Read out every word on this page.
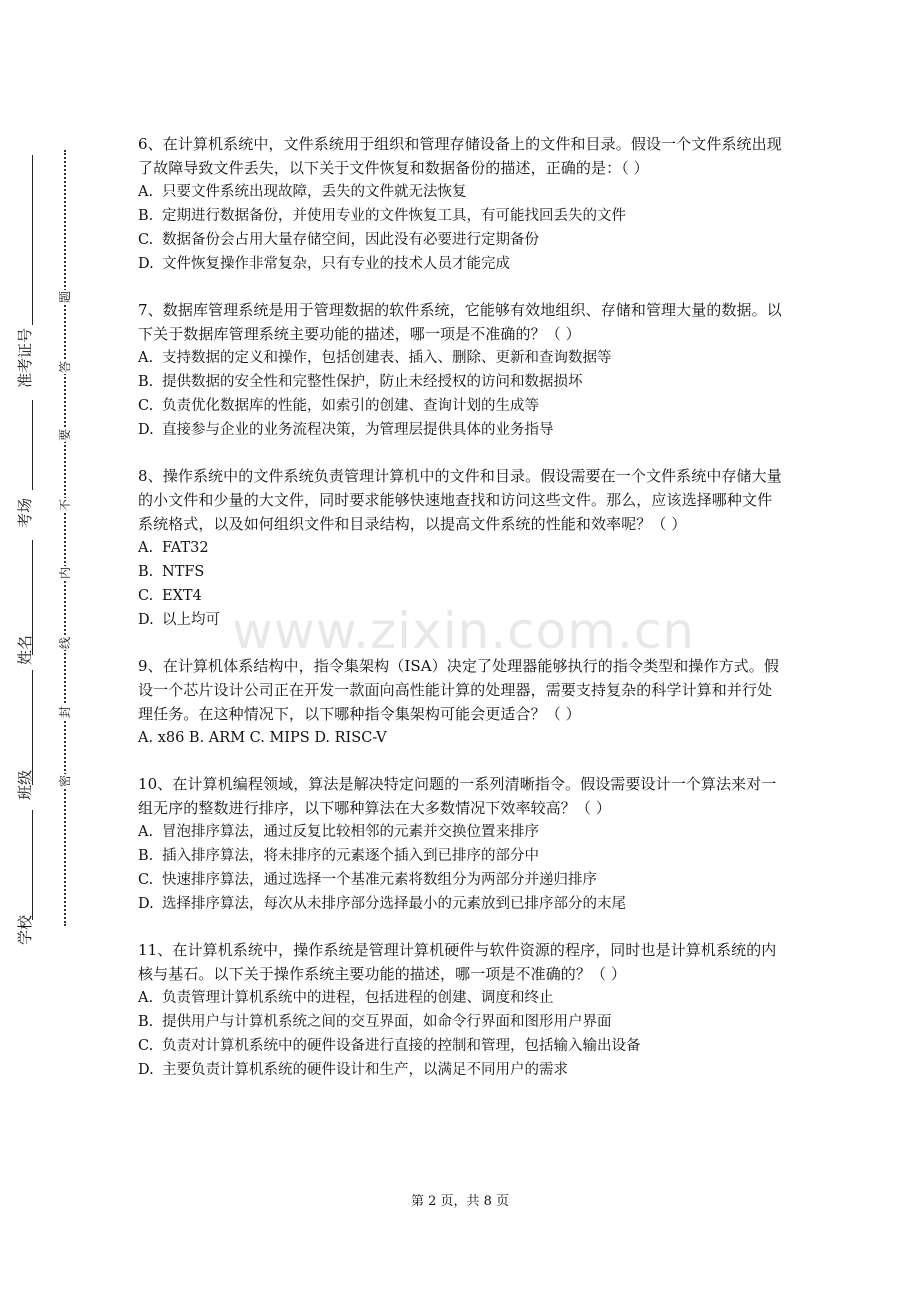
准考证号
考场
姓名
班级
学校
题
答
要
不
内
线
封
密
www.zixin.com.cn

6、在计算机系统中，文件系统用于组织和管理存储设备上的文件和目录。假设一个文件系统出现了故障导致文件丢失，以下关于文件恢复和数据备份的描述，正确的是：（ ）

A. 只要文件系统出现故障，丢失的文件就无法恢复

B. 定期进行数据备份，并使用专业的文件恢复工具，有可能找回丢失的文件

C. 数据备份会占用大量存储空间，因此没有必要进行定期备份

D. 文件恢复操作非常复杂，只有专业的技术人员才能完成

7、数据库管理系统是用于管理数据的软件系统，它能够有效地组织、存储和管理大量的数据。以下关于数据库管理系统主要功能的描述，哪一项是不准确的？（ ）

A. 支持数据的定义和操作，包括创建表、插入、删除、更新和查询数据等

B. 提供数据的安全性和完整性保护，防止未经授权的访问和数据损坏

C. 负责优化数据库的性能，如索引的创建、查询计划的生成等

D. 直接参与企业的业务流程决策，为管理层提供具体的业务指导

8、操作系统中的文件系统负责管理计算机中的文件和目录。假设需要在一个文件系统中存储大量的小文件和少量的大文件，同时要求能够快速地查找和访问这些文件。那么，应该选择哪种文件系统格式，以及如何组织文件和目录结构，以提高文件系统的性能和效率呢？（ ）

A. FAT32

B. NTFS

C. EXT4

D. 以上均可

9、在计算机体系结构中，指令集架构（ISA）决定了处理器能够执行的指令类型和操作方式。假设一个芯片设计公司正在开发一款面向高性能计算的处理器，需要支持复杂的科学计算和并行处理任务。在这种情况下，以下哪种指令集架构可能会更适合？（ ）

A. x86 B. ARM C. MIPS D. RISC-V

10、在计算机编程领域，算法是解决特定问题的一系列清晰指令。假设需要设计一个算法来对一组无序的整数进行排序，以下哪种算法在大多数情况下效率较高？（ ）

A. 冒泡排序算法，通过反复比较相邻的元素并交换位置来排序

B. 插入排序算法，将未排序的元素逐个插入到已排序的部分中

C. 快速排序算法，通过选择一个基准元素将数组分为两部分并递归排序

D. 选择排序算法，每次从未排序部分选择最小的元素放到已排序部分的末尾

11、在计算机系统中，操作系统是管理计算机硬件与软件资源的程序，同时也是计算机系统的内核与基石。以下关于操作系统主要功能的描述，哪一项是不准确的？（ ）

A. 负责管理计算机系统中的进程，包括进程的创建、调度和终止

B. 提供用户与计算机系统之间的交互界面，如命令行界面和图形用户界面

C. 负责对计算机系统中的硬件设备进行直接的控制和管理，包括输入输出设备

D. 主要负责计算机系统的硬件设计和生产，以满足不同用户的需求

第 2 页，共 8 页
